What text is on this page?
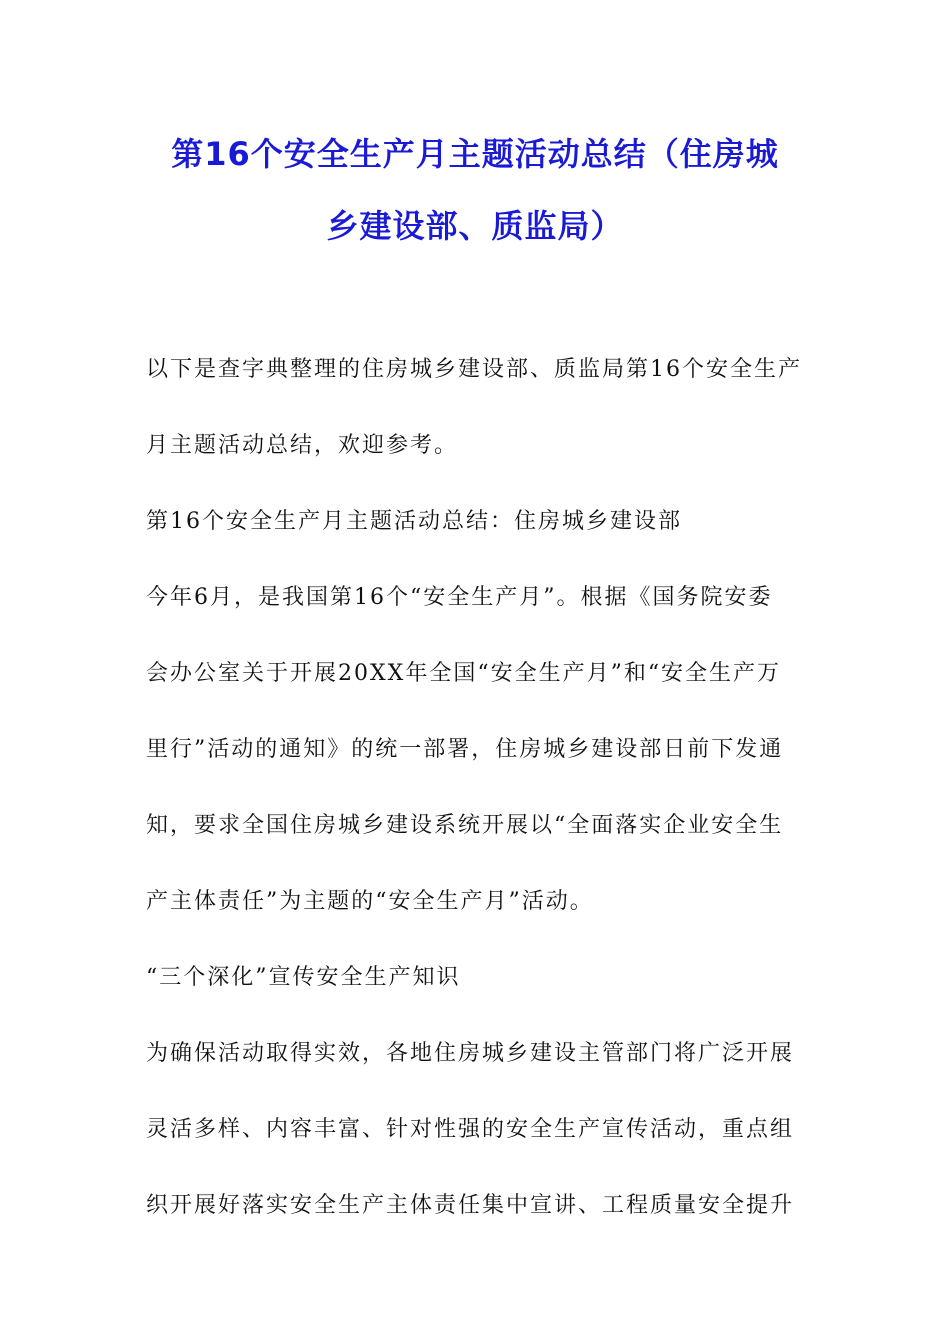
第16个安全生产月主题活动总结（住房城
乡建设部、质监局）
以下是查字典整理的住房城乡建设部、质监局第16个安全生产
月主题活动总结，欢迎参考。
第16个安全生产月主题活动总结：住房城乡建设部
今年6月，是我国第16个“安全生产月”。根据《国务院安委
会办公室关于开展20XX年全国“安全生产月”和“安全生产万
里行”活动的通知》的统一部署，住房城乡建设部日前下发通
知，要求全国住房城乡建设系统开展以“全面落实企业安全生
产主体责任”为主题的“安全生产月”活动。
“三个深化”宣传安全生产知识
为确保活动取得实效，各地住房城乡建设主管部门将广泛开展
灵活多样、内容丰富、针对性强的安全生产宣传活动，重点组
织开展好落实安全生产主体责任集中宣讲、工程质量安全提升
